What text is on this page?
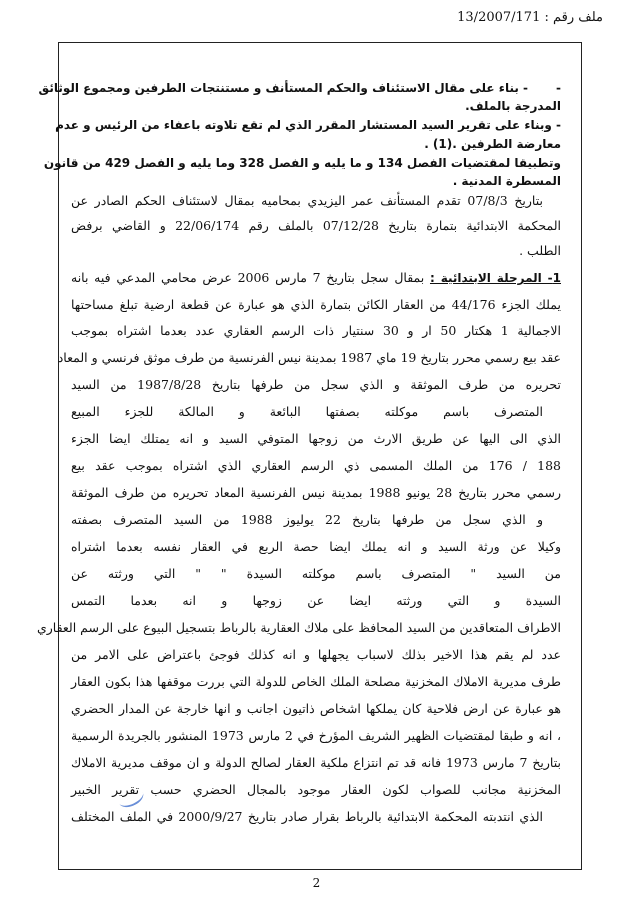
ملف رقم : 13/2007/171
-- بناء على مقال الاستئناف والحكم المستأنف و مستنتجات الطرفين ومجموع الوثائق
المدرجة بالملف.
- وبناء على تقرير السيد المستشار المقرر الذي لم تقع تلاوته باعفاء من الرئيس و عدم
معارضة الطرفين .(1) .
وتطبيقا لمقتضيات الفصل 134 و ما يليه و الفصل 328 وما يليه و الفصل 429 من قانون
المسطرة المدنية .
بتاريخ 07/8/3 تقدم المستأنف عمر اليزيدي بمحاميه بمقال لاستئناف الحكم الصادر عن
المحكمة الابتدائية بتمارة بتاريخ 07/12/28 بالملف رقم 22/06/174 و القاضي برفض
الطلب .
1- المرحلة الابتدائية : بمقال سجل بتاريخ 7 مارس 2006 عرض محامي المدعي فيه بانه
يملك الجزء 44/176 من العقار الكائن بتمارة الذي هو عبارة عن قطعة ارضية تبلغ مساحتها
الاجمالية 1 هكتار 50 ار و 30 سنتيار ذات الرسم العقاري عدد بعدما اشتراه بموجب
عقد بيع رسمي محرر بتاريخ 19 ماي 1987 بمدينة نيس الفرنسية من طرف موثق فرنسي و المعاد
تحريره من طرف الموثقة و الذي سجل من طرفها بتاريخ 1987/8/28 من السيد
المتصرف باسم موكلته بصفتها البائعة و المالكة للجزء المبيع
الذي الى اليها عن طريق الارث من زوجها المتوفي السيد و انه يمتلك ايضا الجزء
188 / 176 من الملك المسمى ذي الرسم العقاري الذي اشتراه بموجب عقد بيع
رسمي محرر بتاريخ 28 يونيو 1988 بمدينة نيس الفرنسية المعاد تحريره من طرف الموثقة
و الذي سجل من طرفها بتاريخ 22 يوليوز 1988 من السيد المتصرف بصفته
وكيلا عن ورثة السيد و انه يملك ايضا حصة الربع في العقار نفسه بعدما اشتراه
من السيد " المتصرف باسم موكلته السيدة " " التي ورثته عن
السيدة و التي ورثته ايضا عن زوجها و انه بعدما التمس
الاطراف المتعاقدين من السيد المحافظ على ملاك العقارية بالرباط بتسجيل البيوع على الرسم العقاري
عدد لم يقم هذا الاخير بذلك لاسباب يجهلها و انه كذلك فوجئ باعتراض على الامر من
طرف مديرية الاملاك المخزنية مصلحة الملك الخاص للدولة التي بررت موقفها هذا بكون العقار
هو عبارة عن ارض فلاحية كان يملكها اشخاص ذاتيون اجانب و انها خارجة عن المدار الحضري
، انه و طبقا لمقتضيات الظهير الشريف المؤرخ في 2 مارس 1973 المنشور بالجريدة الرسمية
بتاريخ 7 مارس 1973 فانه قد تم انتزاع ملكية العقار لصالح الدولة و ان موقف مديرية الاملاك
المخزنية مجانب للصواب لكون العقار موجود بالمجال الحضري حسب تقرير الخبير
الذي انتدبته المحكمة الابتدائية بالرباط بقرار صادر بتاريخ 2000/9/27 في الملف المختلف
2
